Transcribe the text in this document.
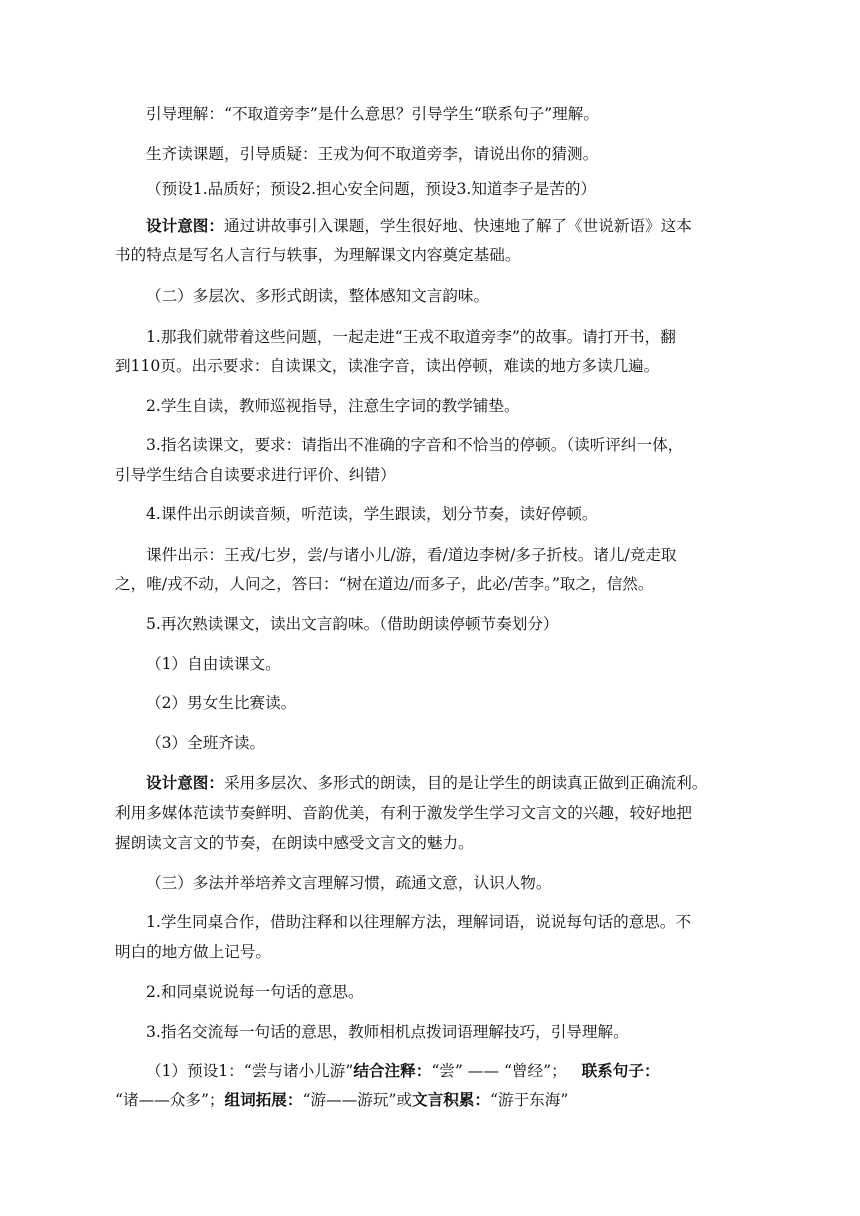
引导理解：“不取道旁李”是什么意思？引导学生“联系句子”理解。
生齐读课题，引导质疑：王戎为何不取道旁李，请说出你的猜测。
（预设1.品质好；预设2.担心安全问题，预设3.知道李子是苦的）
设计意图：通过讲故事引入课题，学生很好地、快速地了解了《世说新语》这本
书的特点是写名人言行与轶事，为理解课文内容奠定基础。
（二）多层次、多形式朗读，整体感知文言韵味。
1.那我们就带着这些问题，一起走进“王戎不取道旁李”的故事。请打开书，翻
到110页。出示要求：自读课文，读准字音，读出停顿，难读的地方多读几遍。
2.学生自读，教师巡视指导，注意生字词的教学铺垫。
3.指名读课文，要求：请指出不准确的字音和不恰当的停顿。（读听评纠一体，
引导学生结合自读要求进行评价、纠错）
4.课件出示朗读音频，听范读，学生跟读，划分节奏，读好停顿。
课件出示：王戎/七岁，尝/与诸小儿/游，看/道边李树/多子折枝。诸儿/竞走取
之，唯/戎不动，人问之，答曰：“树在道边/而多子，此必/苦李。”取之，信然。
5.再次熟读课文，读出文言韵味。（借助朗读停顿节奏划分）
（1）自由读课文。
（2）男女生比赛读。
（3）全班齐读。
设计意图：采用多层次、多形式的朗读，目的是让学生的朗读真正做到正确流利。
利用多媒体范读节奏鲜明、音韵优美，有利于激发学生学习文言文的兴趣，较好地把
握朗读文言文的节奏，在朗读中感受文言文的魅力。
（三）多法并举培养文言理解习惯，疏通文意，认识人物。
1.学生同桌合作，借助注释和以往理解方法，理解词语，说说每句话的意思。不
明白的地方做上记号。
2.和同桌说说每一句话的意思。
3.指名交流每一句话的意思，教师相机点拨词语理解技巧，引导理解。
（1）预设1：“尝与诸小儿游”结合注释：“尝” —— “曾经”； 联系句子：
“诸——众多”；组词拓展：“游——游玩”或文言积累：“游于东海”
